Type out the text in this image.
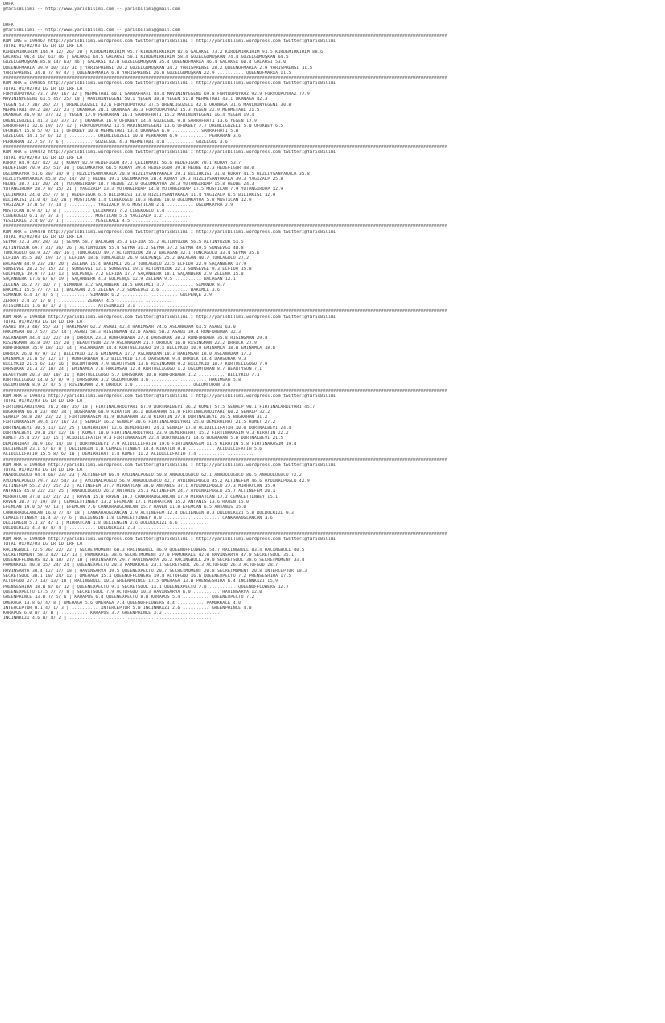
URFA
@YarisBilimi -- http://www.yarisbilimi.com -- yarisbilimi@gmail.com
URFA
@YarisBilimi -- http://www.yarisbilimi.com -- yarisbilimi@gmail.com
########################################################################################################################################################################
KUM İNG = 199467 http://yarisbilimi.wordpress.com twitter:@YarisBilimi : http://yarisbilimi.wordpress.com twitter:@YarisBilimi
TOTAL #1/#2/#3 LG LR LD LRF LA
KIRDEMIRKIRIM 144.9 12/ 26/ 20 | KIRDEMIRKIRIM 95.7 KIRDEMIRKIRIM 82.6 GALAKSI 73.2 KIRDEMIRKIRIM 91.5 KIRDEMIRKIRIM 88.6
GALAKSI 96.4 16/ 61/ 46 | GALAKSI 64.5 GALAKSI 50.1 KIRDEMIRKIRIM 58.4 GÜZELGÜMÜŞKAN 74.4 GÜZELGÜMÜŞKAN 64.5
GÜZELGÜMÜŞKAN 85.8 14/ 63/ 46 | GALAKSI 42.0 GÜZELGÜMÜŞKAN 35.4 QUEENOFMARIA 46.4 GALAKSI 60.4 GALAKSI 53.0
QUEENOFMARIA 39.9 10/ 31/ 31 | YARISPRENSI 20.2 GÜZELGÜMÜŞKAN 34.2 YARISPRENSI 28.2 QUEENOFMARIA 2.9 YARISPRENSI 11.5
YARISPRENSI 34.0 7/ 9/ 47 | QUEENOFMARIA 6.8 YARISPRENSI 26.8 GÜZELGÜMÜŞKAN 22.9 .......... QUEENOFMARIA 11.5
########################################################################################################################################################################
KUM ARA = 199465 http://yarisbilimi.wordpress.com twitter:@YarisBilimi : http://yarisbilimi.wordpress.com twitter:@YarisBilimi
TOTAL #1/#2/#3 LG LR LD LRF LA
FORYOUPOYRAZ 73.7 39/ 16/ 32 | MEHMETABI 60.1 SARRAFHATI 44.4 MAVININYEGENI 69.8 FORYOUPOYRAZ 92.9 FORYOUPOYRAZ 77.9
MAVININYEGENI 61.5 45/ 25/ 18 | MAVININYEGENI 50.1 YEGEN 38.8 YEGEN 51.0 MEHMETABI 43.1 OKANAGA 42.3
YEGEN 53.7 30/ 26/ 27 | ÖRENLIGÜZELI 42.6 FORYOUPOYRAZ 37.5 ÖRENLIGÜZELI 42.6 OKANAGA 31.6 MAVININYEGENI 30.8
MEHMETABI 49.2 18/ 22/ 23 | OKANAGA 20.1 OKANAGA 36.3 FORYOUPOYRAZ 15.3 YEGEN 22.9 MEHMETABI 21.5
OKANAGA 46.9 8/ 37/ 32 | YEGEN 17.9 PERKARAN 16.1 SARRAFHATI 15.2 MAVININYEGENI 16.4 YEGEN 19.4
ÖRENLIGÜZELI 41.3 13/ 37/ 17 | OKANAGA 16.9 UFUKBEY 14.4 GÜZELGÜL 9.8 SARRAFHATI 13.6 YEGEN 17.9
SARRAFHATI 32.6 19/ 17/ 12 | FORYOUPOYRAZ 11.5 MAVININYEGENI 13.6 UFUKBEY 7.7 ÖRENLIGÜZELI 5.0 UFUKBEY 6.5
UFUKBEY 15.8 5/ 9/ 11 | UFUKBEY 10.0 MEHMETABI 13.4 OKANAGA 6.9 .......... SARRAFHATI 5.8
GÜZELGÜL 14.1 5/ 6/ 12 | .......... ÖRENLIGÜZELI 10.0 PERKARAN 6.9 .......... PERKARAN 3.6
PERKARAN 12.7 5/ 7/ 6 | .......... GÜZELGÜL 4.3 MEHMETABI 4.0 .......... GÜZELGÜL 3.6
########################################################################################################################################################################
KUM ARA = 199472 http://yarisbilimi.wordpress.com twitter:@YarisBilimi : http://yarisbilimi.wordpress.com twitter:@YarisBilimi
TOTAL #1/#2/#3 LG LR LD LRF LA
KORAY 84.9 42/ 42/ 32 | KORAY 82.9 HEDEFIGÖR 47.2 ÇELIKMAVI 56.6 HEDEFIGÖR 70.1 KORAY 53.7
HEDEFIGÖR 70.9 35/ 51/ 30 | OGLUMKAYRA 66.5 KORAY 39.4 HEDEFIGÖR 39.8 HEDBE 42.3 HEDEFIGÖR 48.0
OGLUMKAYRA 51.6 30/ 34/ 9 | HIZLIYSANYAKALA 20.8 HIZLIYSANYAKALA 29.1 BILIRKISI 31.0 KORAY 41.5 HIZLIYSANYAKALA 35.8
HIZLIYSANYAKALA 45.8 25/ 14/ 20 | HEDBE 19.1 OGLUMKAYRA 28.4 KORAY 29.3 HIZLIYSANYAKALA 39.3 YAGIZALP 25.8
HEDBE 38.7 11/ 20/ 24 | YUTANGIRDAP 18.7 HEDBE 22.0 OGLUMKAYRA 28.3 YUTANGIRDAP 15.8 HEDBE 24.3
YUTANGIRDAP 28.7 8/ 15/ 21 | YAGIZALP 13.3 YUTANGIRDAP 14.8 YUTANGIRDAP 17.5 MUSTICAN 7.9 YUTANGIRDAP 12.9
ÇELIKMAVI 24.0 25/ 7/ 8 | HEDEFIGÖR 6.5 BILIRKISI 13.0 HIZLIYSANYAKALA 11.4 YAGIZALP 6.5 BILIRKISI 12.9
BILIRKISI 21.0 4/ 13/ 20 | MUSTICAN 1.4 CIBEKOGLU 10.3 HEDBE 10.0 OGLUMKAYRA 5.8 MUSTICAN 12.9
YAGIZALP 17.8 5/ 7/ 14 | .......... YAGIZALP 9.6 MUSTICAN 2.6 .......... OGLUMKAYRA 2.9
MUSTICAN 8.9 4/ 1/ 8 | .......... ÇELIKMAVI 7.2 CIBEKOGLU 1.4 ..........
CIBEKOGLU 6.1 3/ 3/ 3 | .......... MUSTICAN 5.5 YAGIZALP 1.2 ..........
YESILKALE 2.4 0/ 2/ 1 | .......... YESILKALE 4.5 .......... ..........
########################################################################################################################################################################
KUM ARA = 199470 http://yarisbilimi.wordpress.com twitter:@YarisBilimi : http://yarisbilimi.wordpress.com twitter:@YarisBilimi
TOTAL #1/#2/#3 LG LR LD LRF LA
SEYMA 72.3 39/ 28/ 32 | SEYMA 58.7 BALAGAN 35.3 ELFIDA 55.2 ALTINYÜZÜK 56.5 ALTINYÜZÜK 51.5
ALTINYÜZÜK 69.7 31/ 36/ 26 | ALTINYÜZÜK 55.4 SEYMA 31.2 SEYMA 37.2 SEYMA 49.5 SONSEVGI 40.8
TUNCAGÖLÜ 60.9 32/ 30/ 16 | TUNCAGÖLÜ 49.7 ALTINYÜZÜK 28.2 BALAGAN 32.1 TUNCAGÖLÜ 33.4 SEYMA 35.6
ELFIDA 45.5 30/ 19/ 17 | ELFIDA 18.6 TUNCAGÖLÜ 26.9 GÜLPENÇE 25.2 BALAGAN 40.7 TUNCAGÖLÜ 27.2
BALAGAN 44.9 23/ 20/ 20 | ZELENA 15.4 BAKIMLI 26.3 TUNCAGÖLÜ 22.5 ELFIDA 22.9 SAÇANBERK 17.9
SONSEVGI 28.2 5/ 15/ 22 | SONSEVGI 12.1 SONSEVGI 19.1 ALTINYÜZÜK 22.1 SONSEVGI 9.3 ELFIDA 15.8
GÜLPENÇE 19.9 7/ 13/ 13 | GÜLPENÇE 7.2 ELFIDA 17.7 SAÇANBERK 18.1 SAÇANBERK 2.9 ZELENA 15.0
SAÇANBERK 17.6 6/ 6/ 19 | SAÇANBERK 4.3 GÜLPENÇE 12.9 ZELENA 9.5 .......... BALAGAN 12.1
ZELENA 16.2 7/ 10/ 7 | SIMANUR 3.2 SAÇANBERK 10.5 BAKIMLI 3.7 .......... SIMANUR 8.7
BAKIMLI 15.5 7/ 7/ 11 | BALAGAN 2.5 ZELENA 7.2 SONSEVGI 2.6 .......... BAKIMLI 3.6
SIMANUR 6.4 1/ 4/ 5 | .......... SIMANUR 6.2 .......... .......... GÜLPENÇE 2.9
ZERHAT 2.4 2/ 1/ 0 | .......... ZERHAT 4.5 .......... ..........
ATISINKIZI 1.6 0/ 1/ 2 | .......... ATISINKIZI 3.1 .......... ..........
########################################################################################################################################################################
KUM ARA = 199468 http://yarisbilimi.wordpress.com twitter:@YarisBilimi : http://yarisbilimi.wordpress.com twitter:@YarisBilimi
TOTAL #1/#2/#3 LG LR LD LRF LA
ASABI 89.3 40/ 55/ 33 | HAKIMSAH 62.2 ASABI 42.4 HAKIMSAH 74.6 ASLANADAM 61.5 ASABI 63.0
HAKIMSAH 60.7 57/ 15/ 14 | ASABI 58.3 RISINGMAN 42.0 ASABI 58.2 ASABI 39.4 RUNFORBABA 32.3
ASLANADAM 44.4 13/ 22/ 19 | DRROCK 23.3 RUNFORBABA 27.4 DARSOKAK 38.2 RUNFORBABA 35.8 RISINGMAN 29.4
RISINGMAN 36.8 19/ 15/ 20 | BEAUTYSUN 22.9 ASLANADAM 21.7 DRROCK 16.0 RISINGMAN 22.2 DRROCK 27.9
RUNFORBABA 35.9 18/ 11/ 14 | ASLANADAM 14.4 KORTVELIGOGO 19.1 BILLYKID 10.9 EMINAMCA 18.0 EMINAMCA 18.6
DRROCK 26.0 9/ 9/ 12 | BILLYKID 12.6 EMINAMCA 17.7 ASLANADAM 10.3 HAKIMSAH 18.0 ASLANADAM 17.2
EMINAMCA 21.8 5/ 12/ 17 | RUNFORBABA 8.2 BILLYKID 17.4 DARSOKAK 9.4 DRROCK 14.4 DARSOKAK 9.3
BILLYKID 21.5 6/ 13/ 16 | OGLUMTURAN 7.9 BEAUTYSUN 13.6 RISINGMAN 9.2 BILLYKID 10.7 KORTVELIGOGO 7.9
DARSOKAK 21.3 2/ 18/ 24 | EMINAMCA 7.6 HAKIMSAH 12.4 KORTVELIGOGO 1.2 OGLUMTURAN 8.7 BEAUTYSUN 7.1
BEAUTYSUN 20.3 10/ 10/ 11 | KORTVELIGOGO 5.7 DARSOKAK 10.8 RUNFORBABA 1.2 .......... BILLYKID 7.1
KORTVELIGOGO 14.0 5/ 8/ 9 | DARSOKAK 3.2 OGLUMTURAN 3.6 .......... .......... HAKIMSAH 5.8
OGLUMTURAN 8.9 2/ 4/ 5 | RISINGMAN 2.9 DRROCK 1.0 .......... .......... OGLUMTURAN 3.6
########################################################################################################################################################################
KUM ARA = 199471 http://yarisbilimi.wordpress.com twitter:@YarisBilimi : http://yarisbilimi.wordpress.com twitter:@YarisBilimi
TOTAL #1/#2/#3 LG LR LD LRF LA
FIRTINALARDIYARI 76.2 40/ 35/ 18 | FIRTINALARDIYARI 67.9 DÖRTNALBEYI 36.2 KOMET 57.5 SENALP 90.1 FIRTINALARDIYARI 45.7
BUGRAHAN 66.8 23/ 48/ 34 | BUGRAHAN 60.9 KIRATIN 36.1 BUGRAHAN 51.8 FIRTINALARDIYARI 60.2 SENALP 32.2
SENALP 58.8 28/ 23/ 22 | FIRTINAKASIM 41.9 BUGRAHAN 32.0 KIRATIN 27.8 DÖRTNALBEYI 26.5 BUGRAHAN 31.2
FIRTINAKASIM 39.4 17/ 16/ 23 | SENALP 16.2 SENALP 30.6 FIRTINALARDIYARI 25.0 DEMIRHIHAT 21.5 KOMET 27.2
DÖRTNALBEYI 30.5 11/ 12/ 25 | DEMIRHIHAT 12.6 DEMIRHIHAT 24.1 SENALP 17.8 ACIDILLIFATIH 10.0 DÖRTNALBEYI 24.4
DÖRTNALBEYI 29.0 24/ 12/ 16 | KOMET 10.0 FIRTINALARDIYARI 23.9 DEMIRHIHAT 15.2 FIRTINAKASIM 9.3 KIRATIN 22.2
KOMET 25.4 27/ 13/ 15 | ACIDILLIFATIH 9.3 FIRTINAKASIM 22.4 DÖRTNALBEYI 14.6 BUGRAHAN 5.8 DÖRTNALBEYI 21.5
DEMIRHIHAT 30.9 16/ 14/ 10 | DÖRTNALBEYI 7.9 ACIDILLIFATIH 19.6 FIRTINAKASIM 11.5 KIRATIN 5.8 FIRTINAKASIM 19.4
DELIENGIN 23.1 5/ 6/ 8 | DELIENGIN 1.8 CEMALETTINBEY 14.4 KIRATIN 8.0 .......... ACIDILLIFATIH 5.6
ACIDILLIFATIH 15.5 8/ 6/ 10 | DEMIRHIHAT 1.4 KOMET 11.2 ACIDILLIFATIH 7.4 .......... ..........
########################################################################################################################################################################
KUM ARA = 199464 http://yarisbilimi.wordpress.com twitter:@YarisBilimi : http://yarisbilimi.wordpress.com twitter:@YarisBilimi
TOTAL #1/#2/#3 LG LR LD LRF LA
ANADOLUGÜCÜ 94.4 66/ 23/ 23 | ALTINEFEM 66.4 AYDINALPOGLU 50.8 ANADOLUGÜCÜ 62.1 ANADOLUGÜCÜ 86.5 ANADOLUGÜCÜ 72.2
AYDINALPOGLU 79.7 32/ 54/ 33 | AYDINALPOGLU 56.9 ANADOLUGÜCÜ 42.7 AYDINALPOGLU 45.2 ALTINEFEM 46.6 AYDINALPOGLU 42.9
ALTINEFEM 55.2 27/ 25/ 22 | ALTINEFEM 37.7 MIRHATCAN 38.0 ANTANIS 37.1 AYDINALPOGLU 27.3 MIRHATCAN 35.9
ANTANIS 45.0 22/ 21/ 25 | ANADOLUGÜCÜ 26.2 ANTANIS 25.1 ALTINEFEM 24.7 AYDINALPOGLU 25.7 ALTINEFEM 20.1
MIRHATCAN 37.0 13/ 21/ 22 | RAVEN 15.0 RAVEN 18.7 CANKARAOGLANCAN 17.9 MIRHATCAN 17.2 CEMALETTINBEY 15.1
RAVEN 30.7 7/ 19/ 19 | CEMALETTINBEY 13.2 EFEMCAN 17.1 MIRHATCAN 15.2 ANTANIS 13.6 RAVEN 15.0
EFEMCAN 19.0 5/ 9/ 13 | EFEMCAN 7.6 CANKARAOGLANCAN 15.7 RAVEN 11.8 EFEMCAN 6.5 ANTANIS 15.0
CANKARAOGLANCAN 16.0 7/ 4/ 18 | CANKARAOGLANCAN 2.9 ALTINEFEM 12.4 DELIENGIN 8.3 DÜLDÜLKIZI 5.8 DÜLDÜLKIZI 9.3
CEMALETTINBEY 16.4 3/ 7/ 6 | DELIENGIN 1.8 CEMALETTINBEY 8.0 .......... .......... CANKARAOGLANCAN 3.6
DELIENGIN 5.1 3/ 4/ 1 | MIRHATCAN 1.8 DELIENGIN 2.6 DÜLDÜLKIZI 6.6 ..........
DÜLDÜLKIZI 4.3 0/ 4/ 4 | .......... DÜLDÜLKIZI 2.3 .......... ..........
########################################################################################################################################################################
KUM ARA = 199469 http://yarisbilimi.wordpress.com twitter:@YarisBilimi : http://yarisbilimi.wordpress.com twitter:@YarisBilimi
TOTAL #1/#2/#3 LG LR LD LRF LA
RACINGBULL 72.5 36/ 22/ 22 | SECRETMOMENT 68.3 RACINGBULL 46.9 QUEENOFFLOWERS 54.7 RACINGBULL 83.4 RACINGBULL 40.5
SECRETMOMENT 58.3 42/ 12/ 13 | PAMUKKALE 38.6 SECRETMOMENT 27.0 PAMUKKALE 42.0 HAVINSARYA 47.0 SECRETSOUL 35.1
QUEENOFFLOWERS 42.6 18/ 27/ 18 | HAVINSARYA 29.7 HAVINSARYA 26.2 RACINGBULL 29.0 SECRETSOUL 38.6 SECRETMOMENT 33.4
PAMUKKALE 40.8 15/ 24/ 24 | QUEENEXPECTO 20.3 PAMUKKALE 23.1 SECRETSOUL 26.3 ACTOFGOD 26.3 ACTOFGOD 28.7
HAVINSARYA 38.4 12/ 17/ 18 | HAVINSARYA 19.5 QUEENEXPECTO 20.7 SECRETMOMENT 20.8 SECRETMOMENT 20.8 INTERCEPTOR 18.3
SECRETSOUL 38.1 10/ 24/ 12 | ÖMERAGA 15.1 QUEENOFFLOWERS 19.4 ACTOFGOD 16.6 QUEENEXPECTO 7.2 PRENSESHIRA 17.5
ACTOFGOD 27.7 13/ 13/ 18 | RACINGBULL 10.3 GREENPRINCE 17.5 ÖMERAGA 13.0 PRENSESHIRA 6.4 INCINNKIZI 15.9
PRENSESHIRA 18.8 8/ 6/ 12 | QUEENEXPECTO 9.1 SECRETSOUL 11.1 QUEENEXPECTO 7.0 .......... QUEENOFFLOWERS 12.7
QUEENEXPECTO 17.5 7/ 7/ 8 | SECRETSOUL 7.9 ACTOFGOD 10.3 HAVINSARYA 6.0 .......... HAVINSARYA 12.0
GREENPRINCE 13.8 7/ 5/ 6 | KARAPUS 6.4 QUEENEXPECTO 8.8 KARAPUS 5.4 .......... QUEENEXPECTO 7.2
ÖMERAGA 13.8 6/ 4/ 8 | ÖMERAGA 5.6 ÖMERAGA 7.4 QUEENOFFLOWERS 4.4 .......... PAMUKKALE 4.0
INTERCEPTOR 8.1 4/ 1/ 3 | .......... INTERCEPTOR 5.8 INCINNKIZI 2.6 .......... GREENPRINCE 4.0
KARAPUS 6.0 0/ 3/ 8 | .......... KARAPUS 3.7 GREENPRINCE 1.2 .......... ..........
INCINNKIZI 4.6 0/ 4/ 2 | .......... .......... .......... .......... ..........
